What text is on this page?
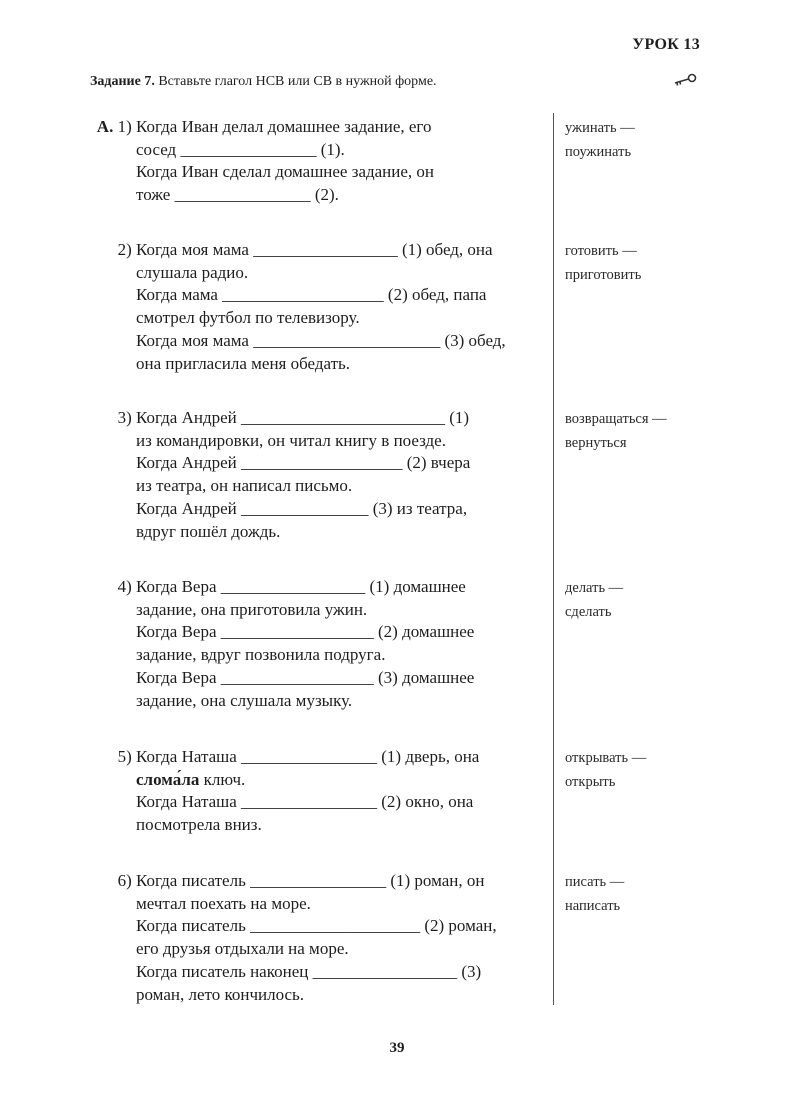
УРОК 13
Задание 7. Вставьте глагол НСВ или СВ в нужной форме.
А. 1) Когда Иван делал домашнее задание, его
сосед ________________ (1).
Когда Иван сделал домашнее задание, он
тоже ________________ (2).
ужинать —
поужинать
2) Когда моя мама _________________ (1) обед, она
слушала радио.
Когда мама ___________________ (2) обед, папа
смотрел футбол по телевизору.
Когда моя мама ______________________ (3) обед,
она пригласила меня обедать.
готовить —
приготовить
3) Когда Андрей ________________________ (1)
из командировки, он читал книгу в поезде.
Когда Андрей ___________________ (2) вчера
из театра, он написал письмо.
Когда Андрей _______________ (3) из театра,
вдруг пошёл дождь.
возвращаться —
вернуться
4) Когда Вера _________________ (1) домашнее
задание, она приготовила ужин.
Когда Вера __________________ (2) домашнее
задание, вдруг позвонила подруга.
Когда Вера __________________ (3) домашнее
задание, она слушала музыку.
делать —
сделать
5) Когда Наташа ________________ (1) дверь, она
слома́ла ключ.
Когда Наташа ________________ (2) окно, она
посмотрела вниз.
открывать —
открыть
6) Когда писатель ________________ (1) роман, он
мечтал поехать на море.
Когда писатель ____________________ (2) роман,
его друзья отдыхали на море.
Когда писатель наконец _________________ (3)
роман, лето кончилось.
писать —
написать
39
